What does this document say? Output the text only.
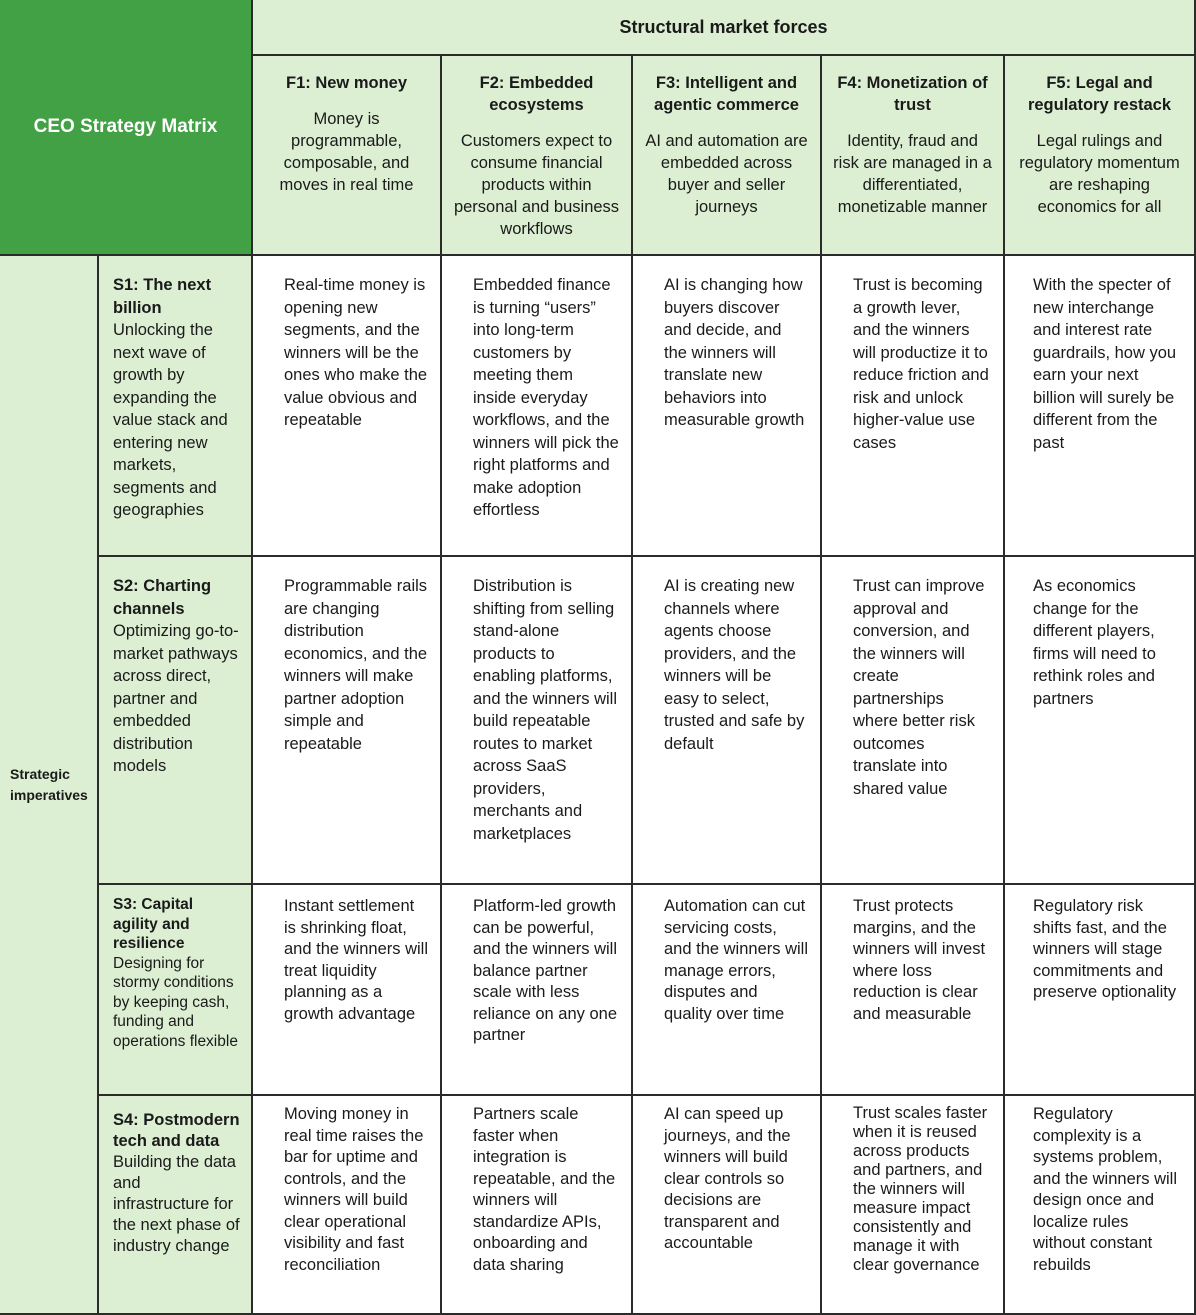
CEO Strategy Matrix
Structural market forces
F1: New money
Money is programmable, composable, and moves in real time
F2: Embedded ecosystems
Customers expect to consume financial products within personal and business workflows
F3: Intelligent and agentic commerce
AI and automation are embedded across buyer and seller journeys
F4: Monetization of trust
Identity, fraud and risk are managed in a differentiated, monetizable manner
F5: Legal and regulatory restack
Legal rulings and regulatory momentum are reshaping economics for all
Strategic imperatives
S1: The next billion
Unlocking the next wave of growth by expanding the value stack and entering new markets, segments and geographies
Real-time money is opening new segments, and the winners will be the ones who make the value obvious and repeatable
Embedded finance is turning “users” into long-term customers by meeting them inside everyday workflows, and the winners will pick the right platforms and make adoption effortless
AI is changing how buyers discover and decide, and the winners will translate new behaviors into measurable growth
Trust is becoming a growth lever, and the winners will productize it to reduce friction and risk and unlock higher-value use cases
With the specter of new interchange and interest rate guardrails, how you earn your next billion will surely be different from the past
S2: Charting channels
Optimizing go-to-market pathways across direct, partner and embedded distribution models
Programmable rails are changing distribution economics, and the winners will make partner adoption simple and repeatable
Distribution is shifting from selling stand-alone products to enabling platforms, and the winners will build repeatable routes to market across SaaS providers, merchants and marketplaces
AI is creating new channels where agents choose providers, and the winners will be easy to select, trusted and safe by default
Trust can improve approval and conversion, and the winners will create partnerships where better risk outcomes translate into shared value
As economics change for the different players, firms will need to rethink roles and partners
S3: Capital agility and resilience
Designing for stormy conditions by keeping cash, funding and operations flexible
Instant settlement is shrinking float, and the winners will treat liquidity planning as a growth advantage
Platform-led growth can be powerful, and the winners will balance partner scale with less reliance on any one partner
Automation can cut servicing costs, and the winners will manage errors, disputes and quality over time
Trust protects margins, and the winners will invest where loss reduction is clear and measurable
Regulatory risk shifts fast, and the winners will stage commitments and preserve optionality
S4: Postmodern tech and data
Building the data and infrastructure for the next phase of industry change
Moving money in real time raises the bar for uptime and controls, and the winners will build clear operational visibility and fast reconciliation
Partners scale faster when integration is repeatable, and the winners will standardize APIs, onboarding and data sharing
AI can speed up journeys, and the winners will build clear controls so decisions are transparent and accountable
Trust scales faster when it is reused across products and partners, and the winners will measure impact consistently and manage it with clear governance
Regulatory complexity is a systems problem, and the winners will design once and localize rules without constant rebuilds
